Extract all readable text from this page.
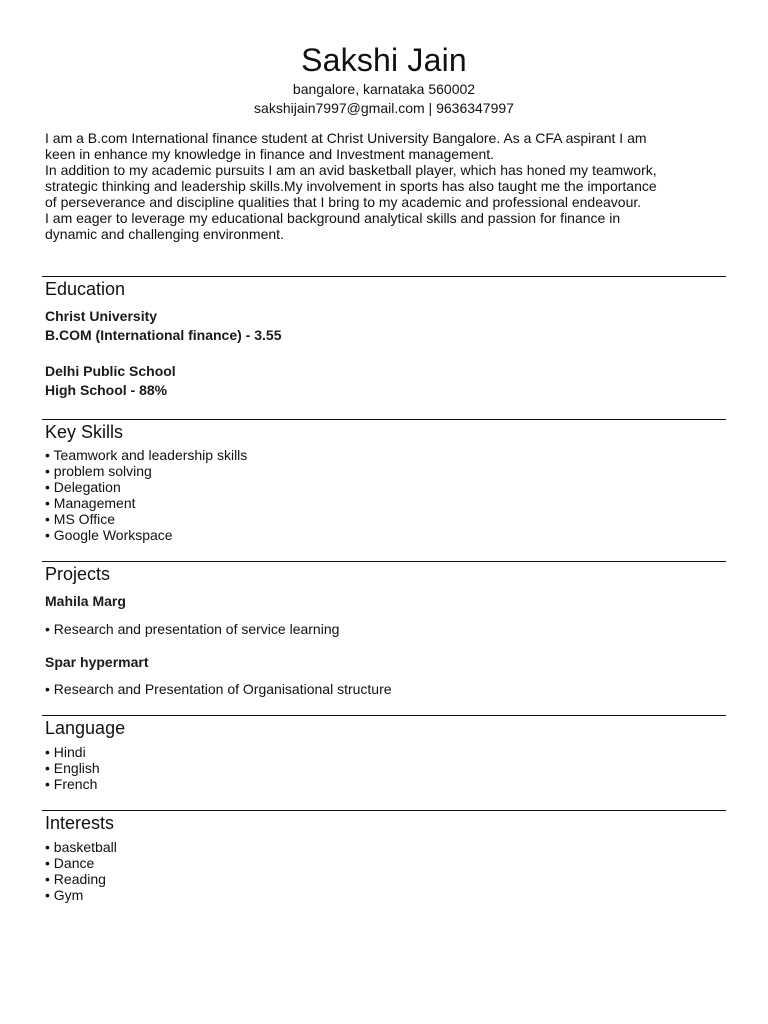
Sakshi Jain
bangalore, karnataka 560002
sakshijain7997@gmail.com | 9636347997
I am a B.com International finance student at Christ University Bangalore. As a CFA aspirant I am
keen in enhance my knowledge in finance and Investment management.
In addition to my academic pursuits I am an avid basketball player, which has honed my teamwork,
strategic thinking and leadership skills.My involvement in sports has also taught me the importance
of perseverance and discipline qualities that I bring to my academic and professional endeavour.
I am eager to leverage my educational background analytical skills and passion for finance in
dynamic and challenging environment.
Education
Christ University
B.COM (International finance) - 3.55
Delhi Public School
High School - 88%
Key Skills
• Teamwork and leadership skills
• problem solving
• Delegation
• Management
• MS Office
• Google Workspace
Projects
Mahila Marg
• Research and presentation of service learning
Spar hypermart
• Research and Presentation of Organisational structure
Language
• Hindi
• English
• French
Interests
• basketball
• Dance
• Reading
• Gym
